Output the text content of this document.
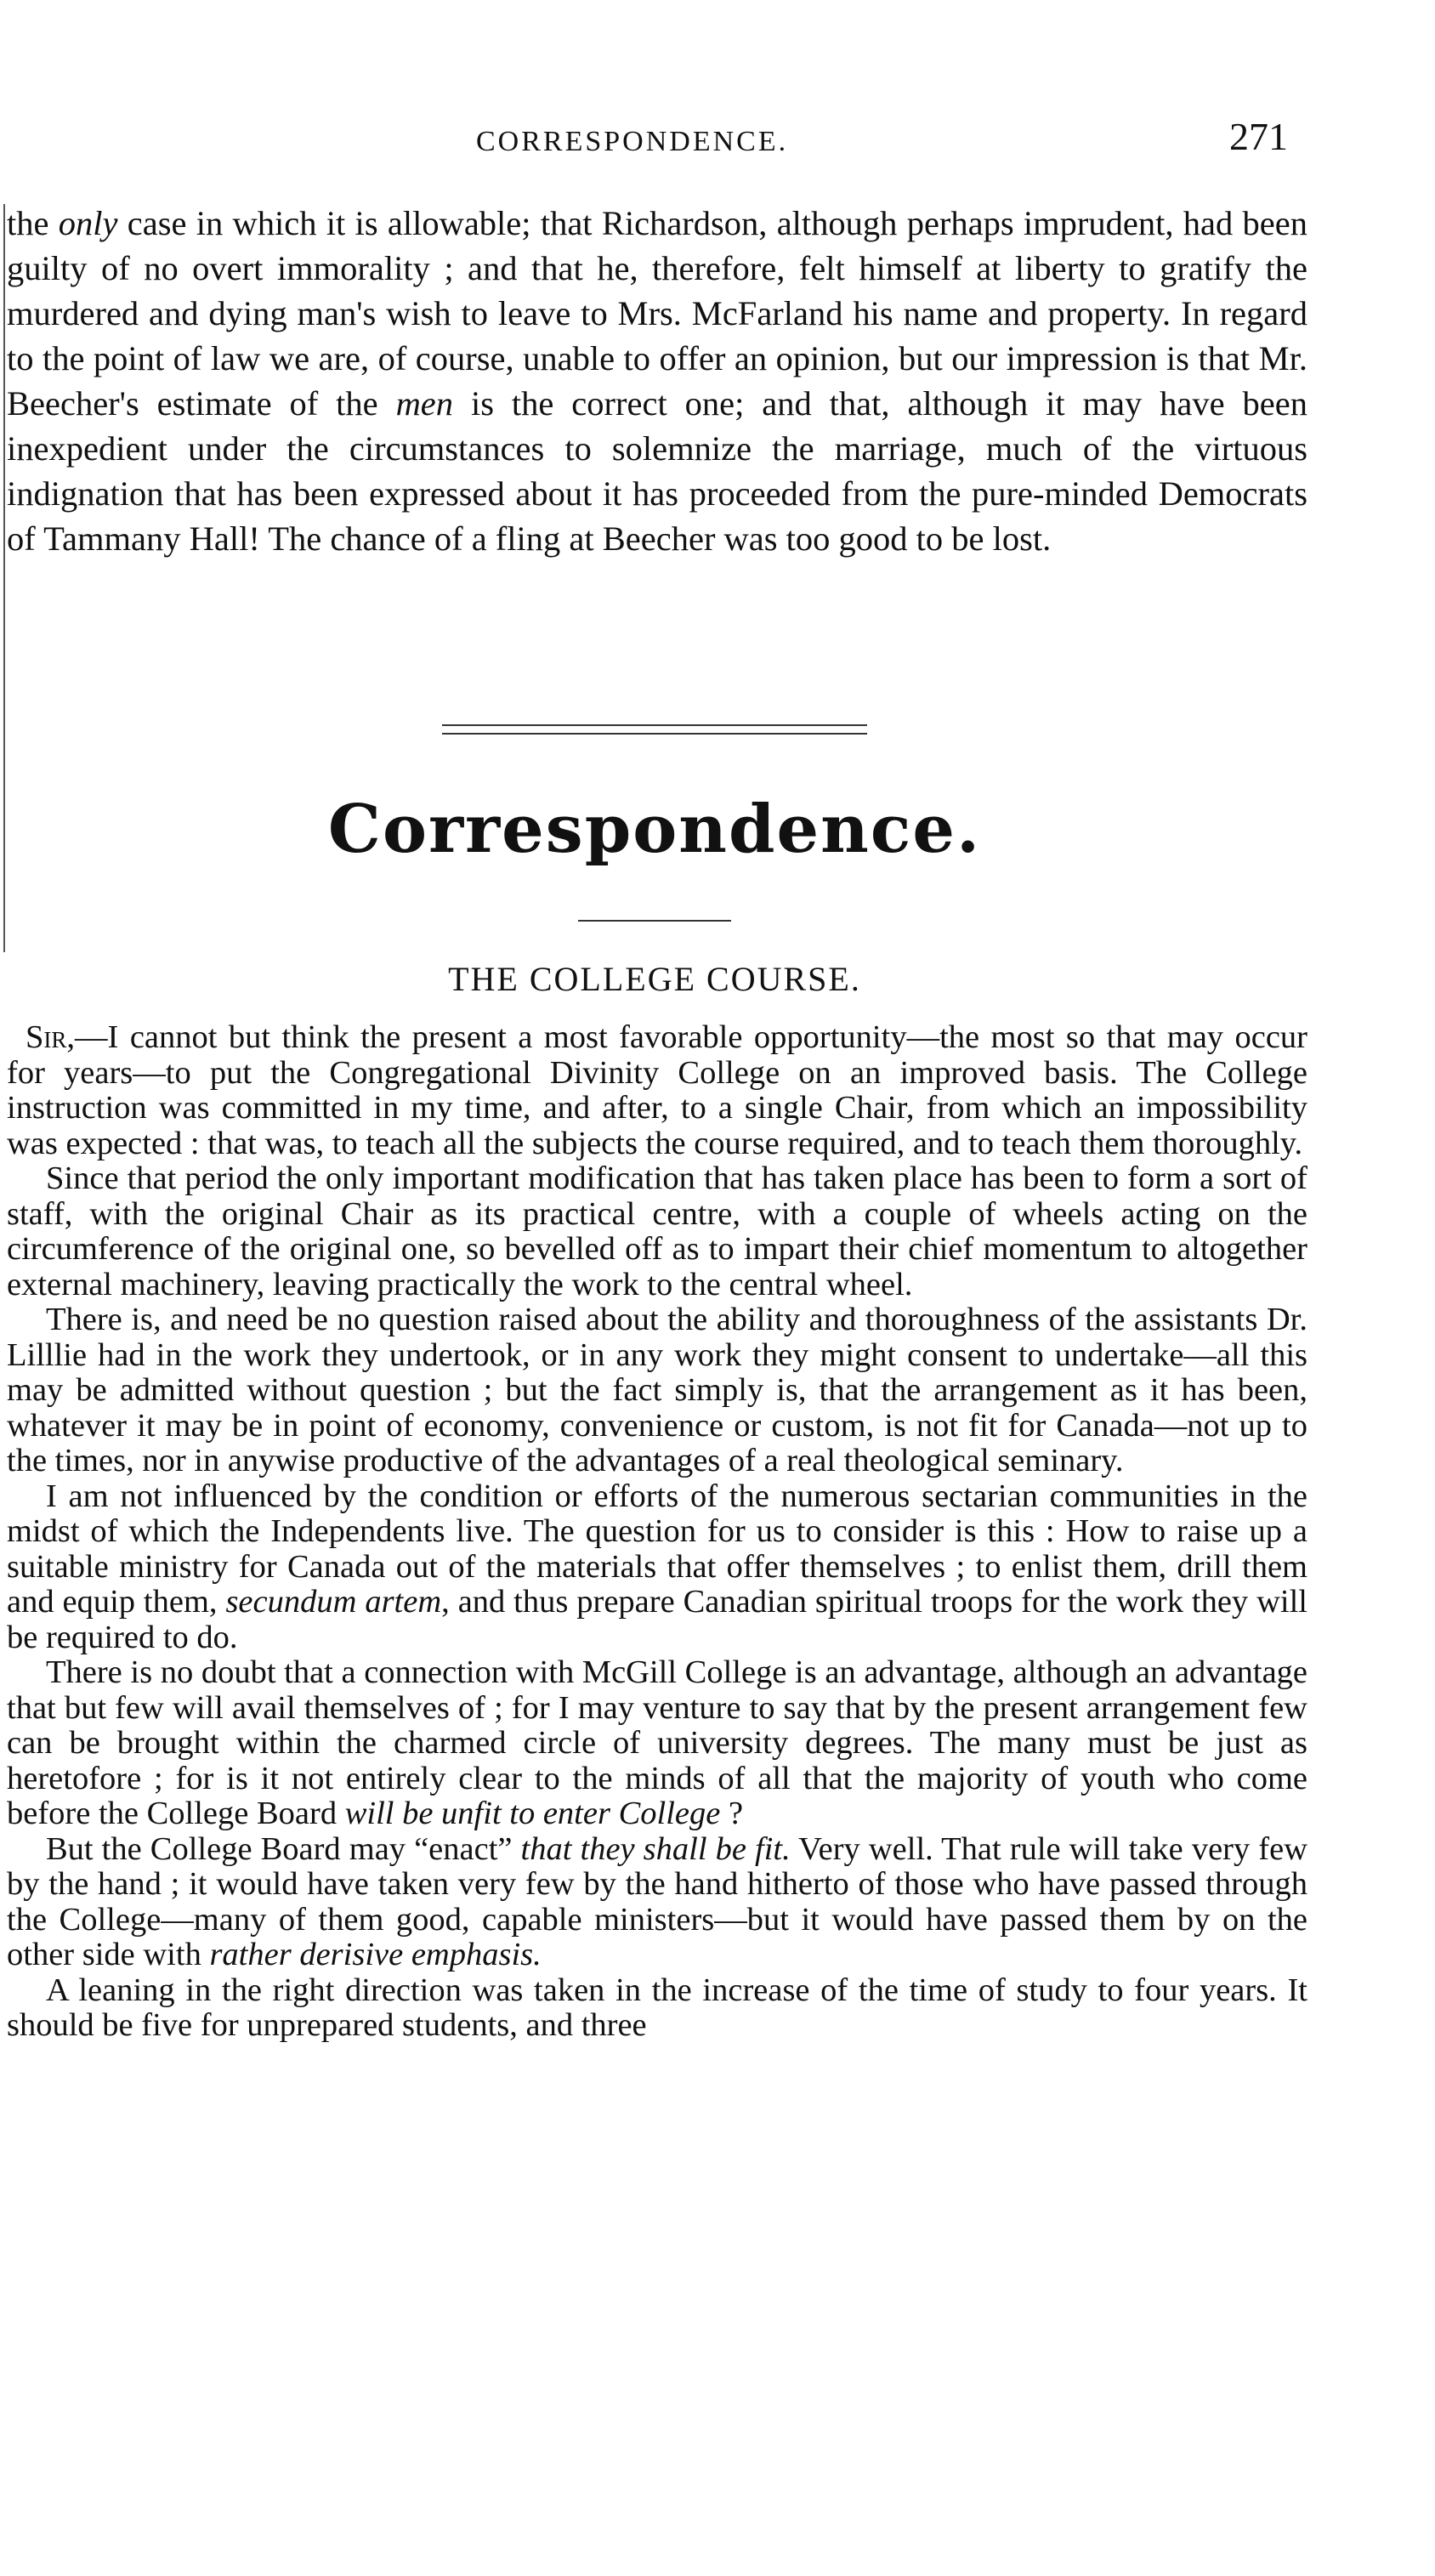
CORRESPONDENCE.	271

the only case in which it is allowable; that Richardson, although perhaps imprudent, had been guilty of no overt immorality ; and that he, therefore, felt himself at liberty to gratify the murdered and dying man's wish to leave to Mrs. McFarland his name and property. In regard to the point of law we are, of course, unable to offer an opinion, but our impression is that Mr. Beecher's estimate of the men is the correct one; and that, although it may have been inexpedient under the circumstances to solemnize the marriage, much of the virtuous indignation that has been expressed about it has proceeded from the pure-minded Democrats of Tammany Hall! The chance of a fling at Beecher was too good to be lost.

Correspondence.
THE COLLEGE COURSE.

Sir,—I cannot but think the present a most favorable opportunity—the most so that may occur for years—to put the Congregational Divinity College on an improved basis. The College instruction was committed in my time, and after, to a single Chair, from which an impossibility was expected : that was, to teach all the subjects the course required, and to teach them thoroughly.

Since that period the only important modification that has taken place has been to form a sort of staff, with the original Chair as its practical centre, with a couple of wheels acting on the circumference of the original one, so bevelled off as to impart their chief momentum to altogether external machinery, leaving practically the work to the central wheel.

There is, and need be no question raised about the ability and thoroughness of the assistants Dr. Lilllie had in the work they undertook, or in any work they might consent to undertake—all this may be admitted without question ; but the fact simply is, that the arrangement as it has been, whatever it may be in point of economy, convenience or custom, is not fit for Canada—not up to the times, nor in anywise productive of the advantages of a real theological seminary.

I am not influenced by the condition or efforts of the numerous sectarian communities in the midst of which the Independents live. The question for us to consider is this : How to raise up a suitable ministry for Canada out of the materials that offer themselves ; to enlist them, drill them and equip them, secundum artem, and thus prepare Canadian spiritual troops for the work they will be required to do.

There is no doubt that a connection with McGill College is an advantage, although an advantage that but few will avail themselves of ; for I may venture to say that by the present arrangement few can be brought within the charmed circle of university degrees. The many must be just as heretofore ; for is it not entirely clear to the minds of all that the majority of youth who come before the College Board will be unfit to enter College ?

But the College Board may “enact” that they shall be fit. Very well. That rule will take very few by the hand ; it would have taken very few by the hand hitherto of those who have passed through the College—many of them good, capable ministers—but it would have passed them by on the other side with rather derisive emphasis.

A leaning in the right direction was taken in the increase of the time of study to four years. It should be five for unprepared students, and three
